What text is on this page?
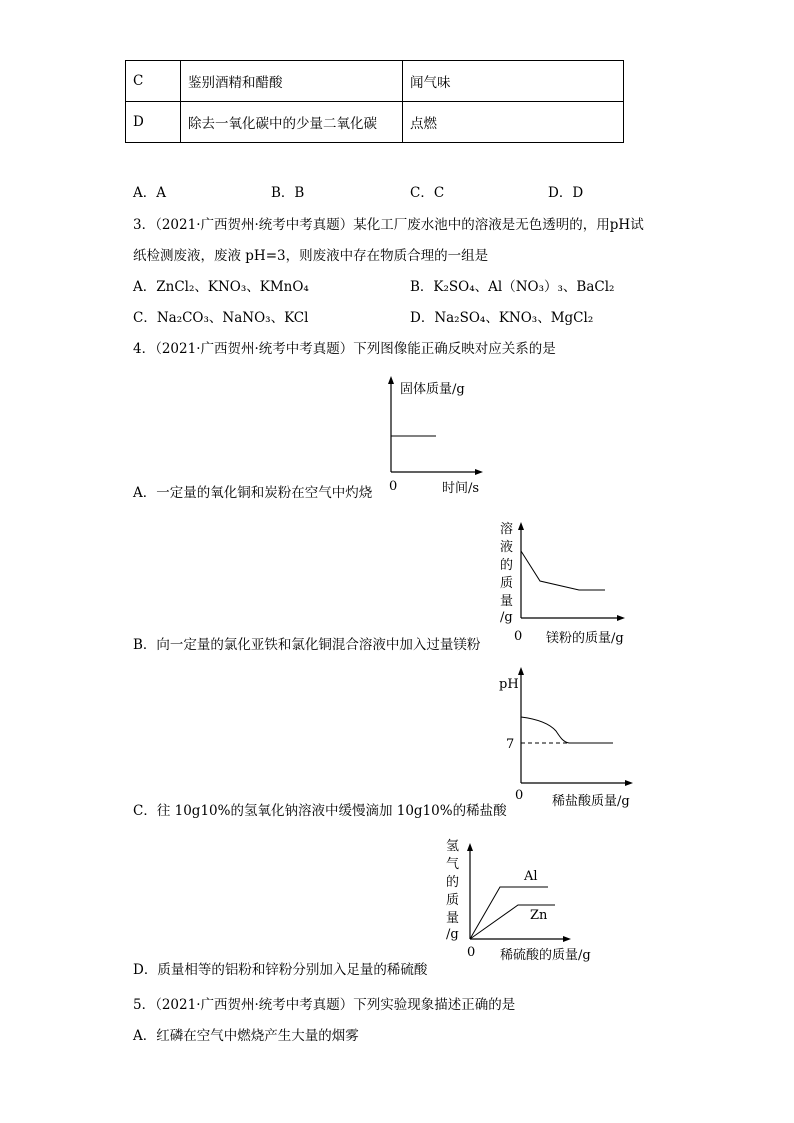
C	鉴别酒精和醋酸	闻气味
D	除去一氧化碳中的少量二氧化碳	点燃
A．A	B．B	C．C	D．D
3．（2021·广西贺州·统考中考真题）某化工厂废水池中的溶液是无色透明的，用pH试
纸检测废液，废液 pH=3，则废液中存在物质合理的一组是
A．ZnCl₂、KNO₃、KMnO₄	B．K₂SO₄、Al（NO₃）₃、BaCl₂
C．Na₂CO₃、NaNO₃、KCl	D．Na₂SO₄、KNO₃、MgCl₂
4．（2021·广西贺州·统考中考真题）下列图像能正确反映对应关系的是
固体质量/g
0	时间/s
A．一定量的氧化铜和炭粉在空气中灼烧
溶
液
的
质
量
/g
0 镁粉的质量/g
B．向一定量的氯化亚铁和氯化铜混合溶液中加入过量镁粉
pH
7
0 稀盐酸质量/g
C．往 10g10%的氢氧化钠溶液中缓慢滴加 10g10%的稀盐酸
氢
气
的
质
量
/g
Al
Zn
0 稀硫酸的质量/g
D．质量相等的铝粉和锌粉分别加入足量的稀硫酸
5．（2021·广西贺州·统考中考真题）下列实验现象描述正确的是
A．红磷在空气中燃烧产生大量的烟雾
